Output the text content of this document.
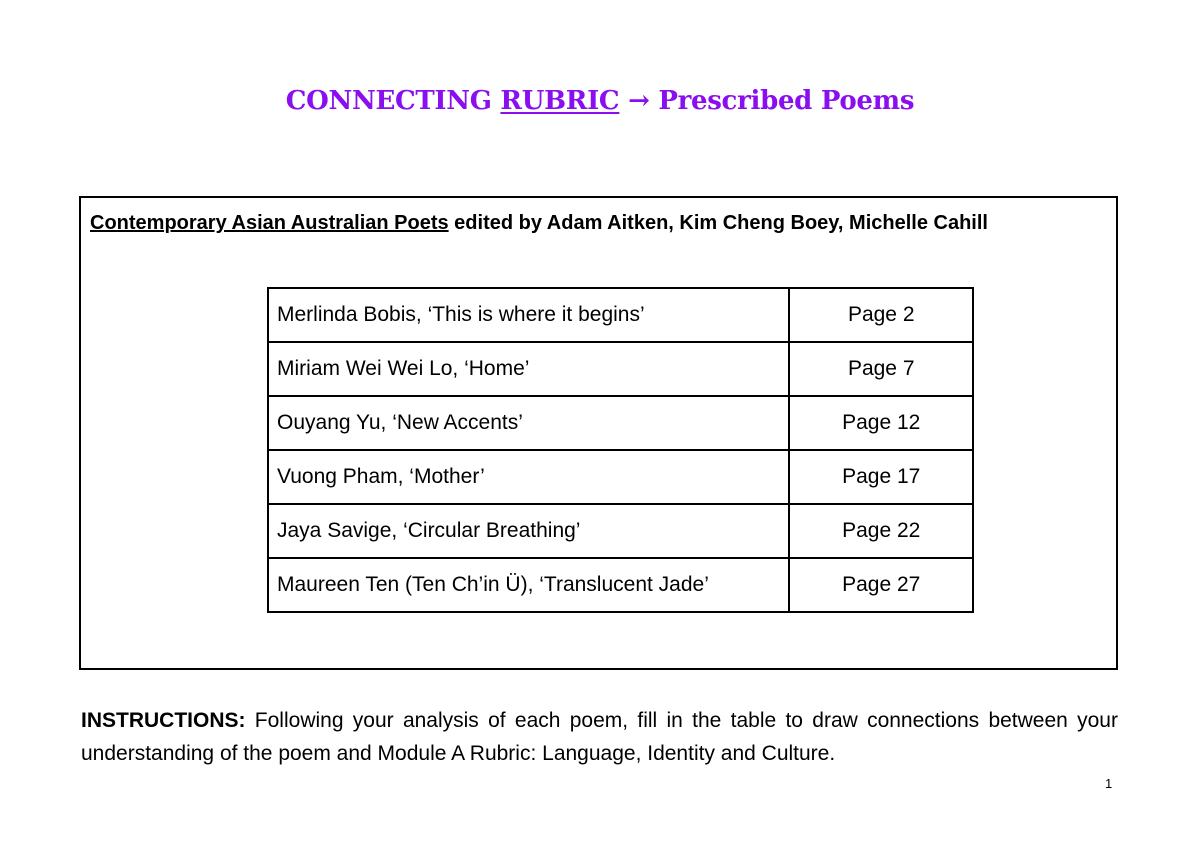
CONNECTING RUBRIC → Prescribed Poems
Contemporary Asian Australian Poets edited by Adam Aitken, Kim Cheng Boey, Michelle Cahill
Merlinda Bobis, ‘This is where it begins’	Page 2
Miriam Wei Wei Lo, ‘Home’	Page 7
Ouyang Yu, ‘New Accents’	Page 12
Vuong Pham, ‘Mother’	Page 17
Jaya Savige, ‘Circular Breathing’	Page 22
Maureen Ten (Ten Ch’in Ü), ‘Translucent Jade’	Page 27
INSTRUCTIONS: Following your analysis of each poem, fill in the table to draw connections between your understanding of the poem and Module A Rubric: Language, Identity and Culture.
1
